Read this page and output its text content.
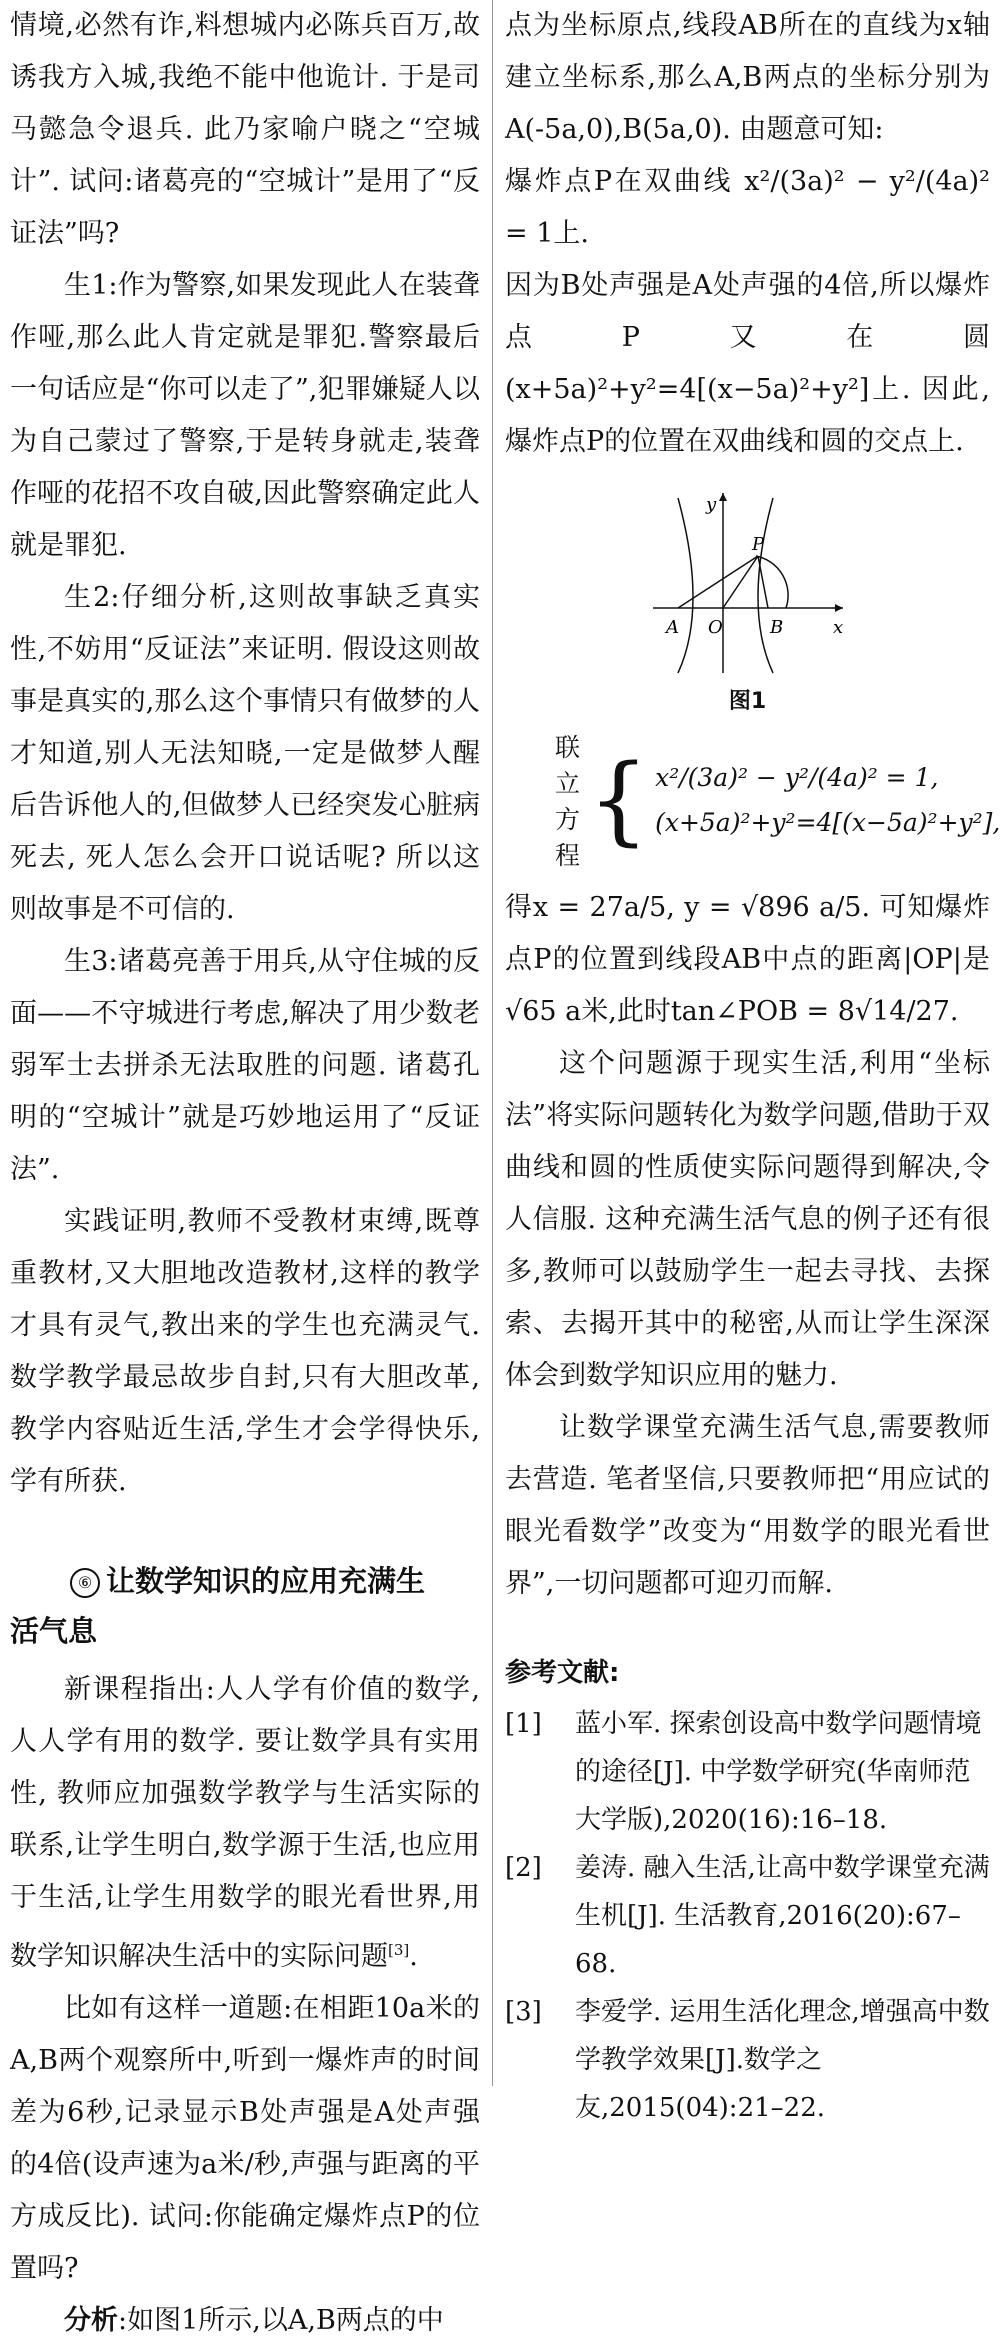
情境,必然有诈,料想城内必陈兵百万,故诱我方入城,我绝不能中他诡计. 于是司马懿急令退兵. 此乃家喻户晓之“空城计”. 试问:诸葛亮的“空城计”是用了“反证法”吗?

生1:作为警察,如果发现此人在装聋作哑,那么此人肯定就是罪犯.警察最后一句话应是“你可以走了”,犯罪嫌疑人以为自己蒙过了警察,于是转身就走,装聋作哑的花招不攻自破,因此警察确定此人就是罪犯.

生2:仔细分析,这则故事缺乏真实性,不妨用“反证法”来证明. 假设这则故事是真实的,那么这个事情只有做梦的人才知道,别人无法知晓,一定是做梦人醒后告诉他人的,但做梦人已经突发心脏病死去, 死人怎么会开口说话呢? 所以这则故事是不可信的.

生3:诸葛亮善于用兵,从守住城的反面——不守城进行考虑,解决了用少数老弱军士去拼杀无法取胜的问题. 诸葛孔明的“空城计”就是巧妙地运用了“反证法”.

实践证明,教师不受教材束缚,既尊重教材,又大胆地改造教材,这样的教学才具有灵气,教出来的学生也充满灵气. 数学教学最忌故步自封,只有大胆改革,教学内容贴近生活,学生才会学得快乐,学有所获.

⑥ 让数学知识的应用充满生
活气息

新课程指出:人人学有价值的数学,人人学有用的数学. 要让数学具有实用性, 教师应加强数学教学与生活实际的联系,让学生明白,数学源于生活,也应用于生活,让学生用数学的眼光看世界,用数学知识解决生活中的实际问题[3].

比如有这样一道题:在相距10a米的A,B两个观察所中,听到一爆炸声的时间差为6秒,记录显示B处声强是A处声强的4倍(设声速为a米/秒,声强与距离的平方成反比). 试问:你能确定爆炸点P的位置吗?

分析:如图1所示,以A,B两点的中

点为坐标原点,线段AB所在的直线为x轴建立坐标系,那么A,B两点的坐标分别为A(-5a,0),B(5a,0). 由题意可知:

爆炸点P在双曲线 x²/(3a)² − y²/(4a)² = 1上.

因为B处声强是A处声强的4倍,所以爆炸点P又在圆(x+5a)²+y²=4[(x−5a)²+y²]上. 因此,爆炸点P的位置在双曲线和圆的交点上.

x
y
A O	B
P
图1
联立方程 { x²/(3a)² − y²/(4a)² = 1,
(x+5a)²+y²=4[(x−5a)²+y²],

得x = 27a/5, y = √896 a/5. 可知爆炸点P的位置到线段AB中点的距离|OP|是√65 a米,此时tan∠POB = 8√14/27.

这个问题源于现实生活,利用“坐标法”将实际问题转化为数学问题,借助于双曲线和圆的性质使实际问题得到解决,令人信服. 这种充满生活气息的例子还有很多,教师可以鼓励学生一起去寻找、去探索、去揭开其中的秘密,从而让学生深深体会到数学知识应用的魅力.

让数学课堂充满生活气息,需要教师去营造. 笔者坚信,只要教师把“用应试的眼光看数学”改变为“用数学的眼光看世界”,一切问题都可迎刃而解.

参考文献:
[1]	蓝小军. 探索创设高中数学问题情境的途径[J]. 中学数学研究(华南师范大学版),2020(16):16–18.
[2]	姜涛. 融入生活,让高中数学课堂充满生机[J]. 生活教育,2016(20):67–68.
[3]	李爱学. 运用生活化理念,增强高中数学教学效果[J].数学之友,2015(04):21–22.
